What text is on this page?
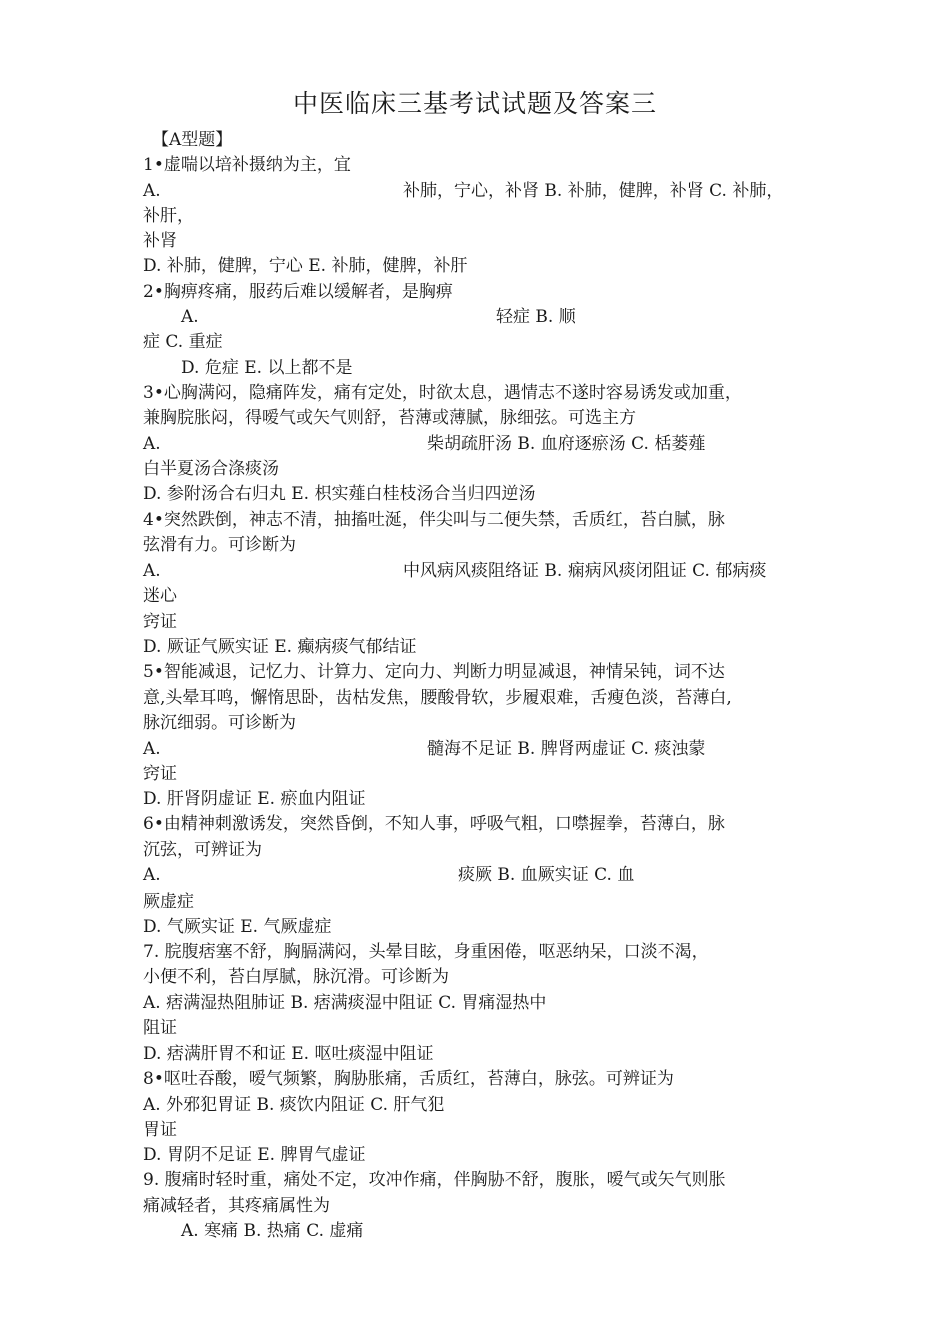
中医临床三基考试试题及答案三
【A型题】
1•虚喘以培补摄纳为主，宜
A.	补肺，宁心，补肾 B. 补肺，健脾，补肾 C. 补肺，
补肝，
补肾
D. 补肺，健脾，宁心 E. 补肺，健脾，补肝
2•胸痹疼痛，服药后难以缓解者，是胸痹
A.	轻症 B. 顺
症 C. 重症
D. 危症 E. 以上都不是
3•心胸满闷，隐痛阵发，痛有定处，时欲太息，遇情志不遂时容易诱发或加重，
兼胸脘胀闷，得嗳气或矢气则舒，苔薄或薄腻，脉细弦。可选主方
A.	柴胡疏肝汤 B. 血府逐瘀汤 C. 栝蒌薤
白半夏汤合涤痰汤
D. 参附汤合右归丸 E. 枳实薤白桂枝汤合当归四逆汤
4•突然跌倒，神志不清，抽搐吐涎，伴尖叫与二便失禁，舌质红，苔白腻，脉
弦滑有力。可诊断为
A.	中风病风痰阻络证 B. 痫病风痰闭阻证 C. 郁病痰
迷心
窍证
D. 厥证气厥实证 E. 癫病痰气郁结证
5•智能减退，记忆力、计算力、定向力、判断力明显减退，神情呆钝，词不达
意,头晕耳鸣，懈惰思卧，齿枯发焦，腰酸骨软，步履艰难，舌瘦色淡，苔薄白,
脉沉细弱。可诊断为
A.	髓海不足证 B. 脾肾两虚证 C. 痰浊蒙
窍证
D. 肝肾阴虚证 E. 瘀血内阻证
6•由精神刺激诱发，突然昏倒，不知人事，呼吸气粗，口噤握拳，苔薄白，脉
沉弦，可辨证为
A.	痰厥 B. 血厥实证 C. 血
厥虚症
D. 气厥实证 E. 气厥虚症
7. 脘腹痞塞不舒，胸膈满闷，头晕目眩，身重困倦，呕恶纳呆，口淡不渴，
小便不利，苔白厚腻，脉沉滑。可诊断为
A. 痞满湿热阻肺证 B. 痞满痰湿中阻证 C. 胃痛湿热中
阻证
D. 痞满肝胃不和证 E. 呕吐痰湿中阻证
8•呕吐吞酸，嗳气频繁，胸胁胀痛，舌质红，苔薄白，脉弦。可辨证为
A. 外邪犯胃证 B. 痰饮内阻证 C. 肝气犯
胃证
D. 胃阴不足证 E. 脾胃气虚证
9. 腹痛时轻时重，痛处不定，攻冲作痛，伴胸胁不舒，腹胀，嗳气或矢气则胀
痛减轻者，其疼痛属性为
A. 寒痛 B. 热痛 C. 虚痛
